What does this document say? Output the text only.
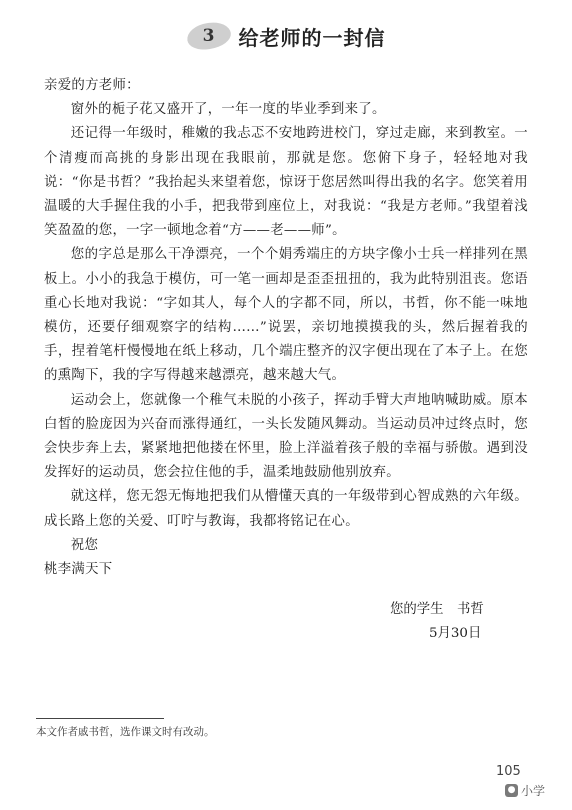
3	给老师的一封信

亲爱的方老师：

窗外的栀子花又盛开了，一年一度的毕业季到来了。

还记得一年级时，稚嫩的我忐忑不安地跨进校门，穿过走廊，来到教室。一个清瘦而高挑的身影出现在我眼前，那就是您。您俯下身子，轻轻地对我说：“你是书哲？”我抬起头来望着您，惊讶于您居然叫得出我的名字。您笑着用温暖的大手握住我的小手，把我带到座位上，对我说：“我是方老师。”我望着浅笑盈盈的您，一字一顿地念着“方——老——师”。

您的字总是那么干净漂亮，一个个娟秀端庄的方块字像小士兵一样排列在黑板上。小小的我急于模仿，可一笔一画却是歪歪扭扭的，我为此特别沮丧。您语重心长地对我说：“字如其人，每个人的字都不同，所以，书哲，你不能一味地模仿，还要仔细观察字的结构……”说罢，亲切地摸摸我的头，然后握着我的手，捏着笔杆慢慢地在纸上移动，几个端庄整齐的汉字便出现在了本子上。在您的熏陶下，我的字写得越来越漂亮，越来越大气。

运动会上，您就像一个稚气未脱的小孩子，挥动手臂大声地呐喊助威。原本白皙的脸庞因为兴奋而涨得通红，一头长发随风舞动。当运动员冲过终点时，您会快步奔上去，紧紧地把他搂在怀里，脸上洋溢着孩子般的幸福与骄傲。遇到没发挥好的运动员，您会拉住他的手，温柔地鼓励他别放弃。

就这样，您无怨无悔地把我们从懵懂天真的一年级带到心智成熟的六年级。成长路上您的关爱、叮咛与教诲，我都将铭记在心。

祝您

桃李满天下

您的学生　书哲
5月30日
本文作者戚书哲，选作课文时有改动。
105
● 小学
